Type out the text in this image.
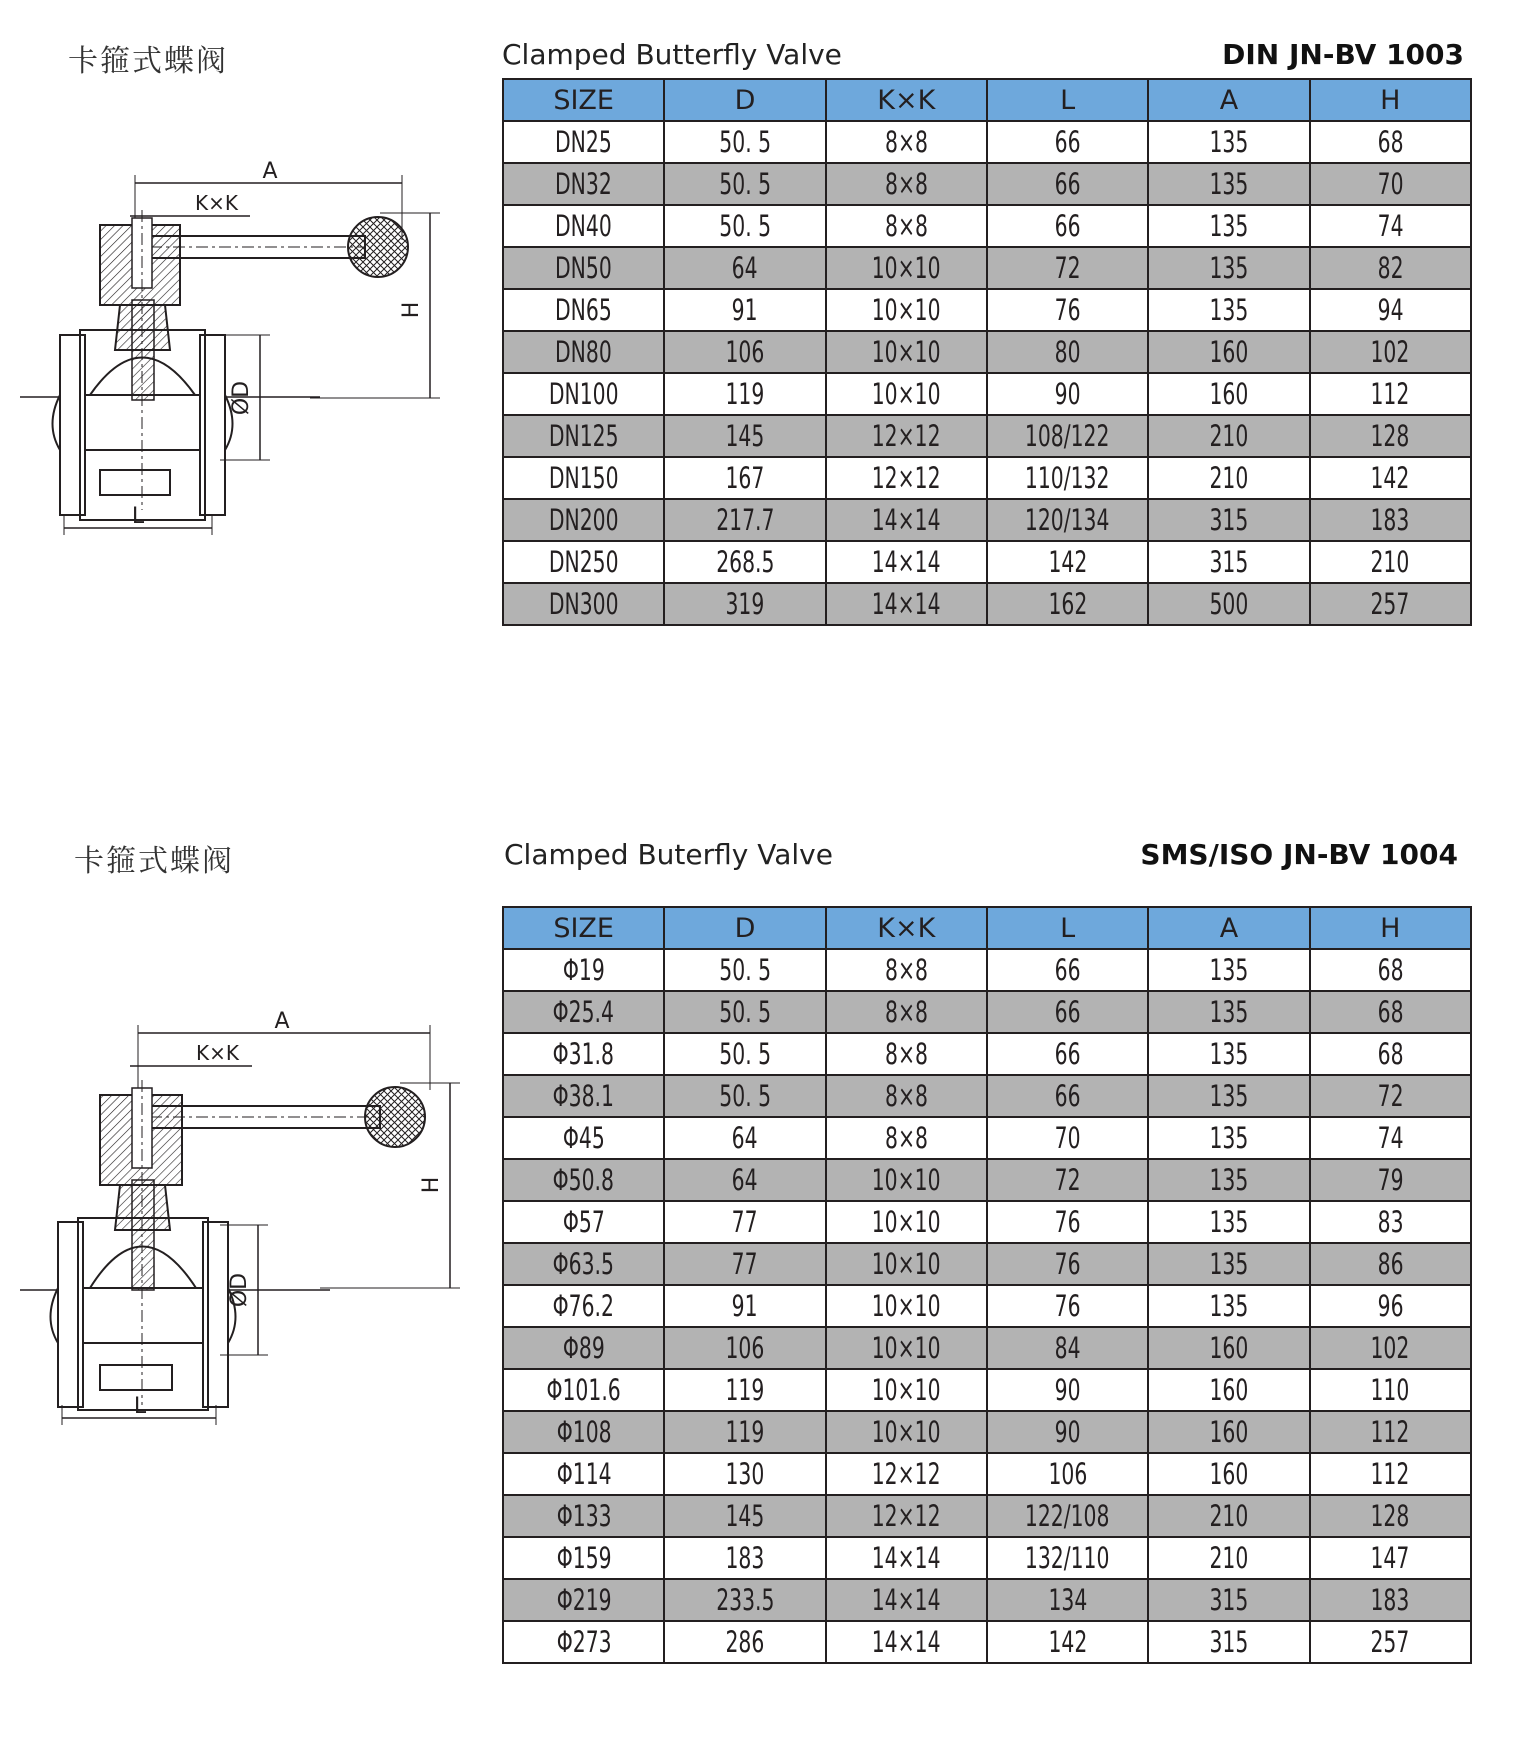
卡箍式蝶阀	Clamped Butterfly Valve	DIN JN-BV 1003
A
K×K
H
ØD
L
SIZE	D	K×K	L	A	H
DN25	50. 5	8×8	66	135	68
DN32	50. 5	8×8	66	135	70
DN40	50. 5	8×8	66	135	74
DN50	64	10×10	72	135	82
DN65	91	10×10	76	135	94
DN80	106	10×10	80	160	102
DN100	119	10×10	90	160	112
DN125	145	12×12	108/122	210	128
DN150	167	12×12	110/132	210	142
DN200	217.7	14×14	120/134	315	183
DN250	268.5	14×14	142	315	210
DN300	319	14×14	162	500	257
卡箍式蝶阀	Clamped Buterfly Valve	SMS/ISO JN-BV 1004
A
K×K
H
ØD
L
SIZE	D	K×K	L	A	H
Φ19	50. 5	8×8	66	135	68
Φ25.4	50. 5	8×8	66	135	68
Φ31.8	50. 5	8×8	66	135	68
Φ38.1	50. 5	8×8	66	135	72
Φ45	64	8×8	70	135	74
Φ50.8	64	10×10	72	135	79
Φ57	77	10×10	76	135	83
Φ63.5	77	10×10	76	135	86
Φ76.2	91	10×10	76	135	96
Φ89	106	10×10	84	160	102
Φ101.6	119	10×10	90	160	110
Φ108	119	10×10	90	160	112
Φ114	130	12×12	106	160	112
Φ133	145	12×12	122/108	210	128
Φ159	183	14×14	132/110	210	147
Φ219	233.5	14×14	134	315	183
Φ273	286	14×14	142	315	257
